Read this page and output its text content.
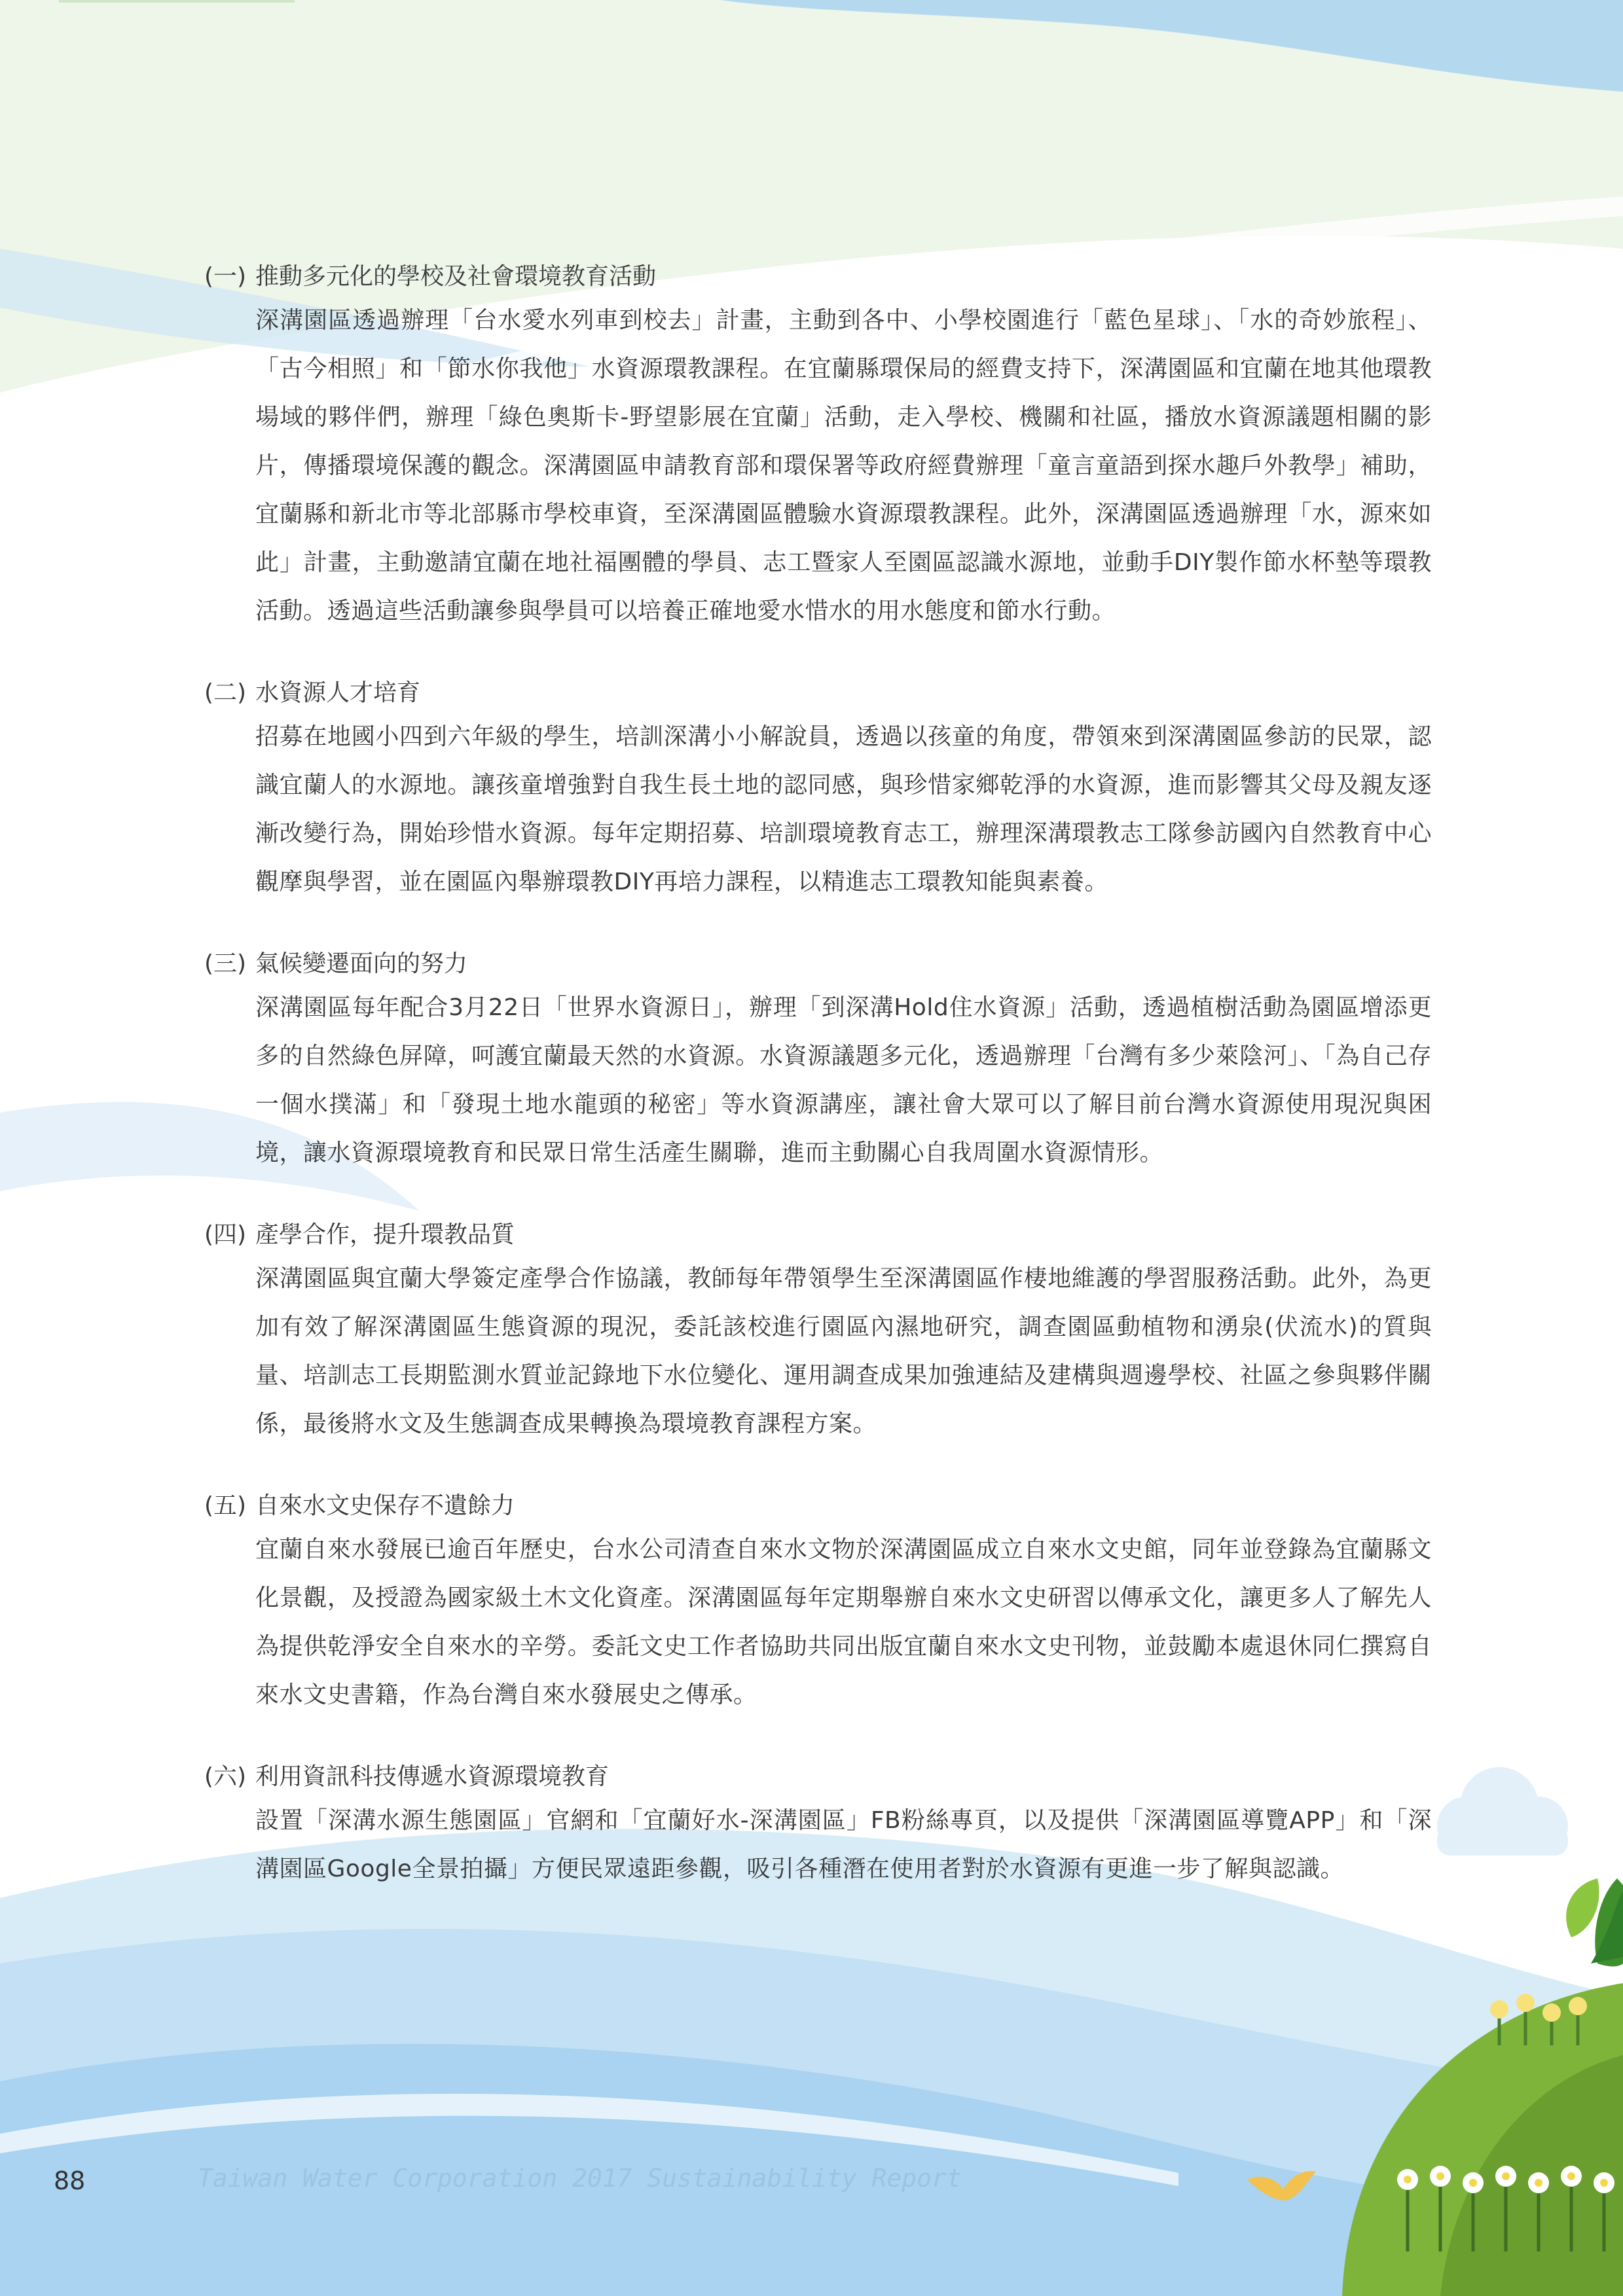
(一) 推動多元化的學校及社會環境教育活動
深溝園區透過辦理「台水愛水列車到校去」計畫，主動到各中、小學校園進行「藍色星球」、「水的奇妙旅程」、「古今相照」和「節水你我他」水資源環教課程。在宜蘭縣環保局的經費支持下，深溝園區和宜蘭在地其他環教場域的夥伴們，辦理「綠色奧斯卡-野望影展在宜蘭」活動，走入學校、機關和社區，播放水資源議題相關的影片，傳播環境保護的觀念。深溝園區申請教育部和環保署等政府經費辦理「童言童語到探水趣戶外教學」補助，宜蘭縣和新北市等北部縣市學校車資，至深溝園區體驗水資源環教課程。此外，深溝園區透過辦理「水，源來如此」計畫，主動邀請宜蘭在地社福團體的學員、志工暨家人至園區認識水源地，並動手DIY製作節水杯墊等環教活動。透過這些活動讓參與學員可以培養正確地愛水惜水的用水態度和節水行動。
(二) 水資源人才培育
招募在地國小四到六年級的學生，培訓深溝小小解說員，透過以孩童的角度，帶領來到深溝園區參訪的民眾，認識宜蘭人的水源地。讓孩童增強對自我生長土地的認同感，與珍惜家鄉乾淨的水資源，進而影響其父母及親友逐漸改變行為，開始珍惜水資源。每年定期招募、培訓環境教育志工，辦理深溝環教志工隊參訪國內自然教育中心觀摩與學習，並在園區內舉辦環教DIY再培力課程，以精進志工環教知能與素養。
(三) 氣候變遷面向的努力
深溝園區每年配合3月22日「世界水資源日」，辦理「到深溝Hold住水資源」活動，透過植樹活動為園區增添更多的自然綠色屏障，呵護宜蘭最天然的水資源。水資源議題多元化，透過辦理「台灣有多少萊陰河」、「為自己存一個水撲滿」和「發現土地水龍頭的秘密」等水資源講座，讓社會大眾可以了解目前台灣水資源使用現況與困境，讓水資源環境教育和民眾日常生活產生關聯，進而主動關心自我周圍水資源情形。
(四) 產學合作，提升環教品質
深溝園區與宜蘭大學簽定產學合作協議，教師每年帶領學生至深溝園區作棲地維護的學習服務活動。此外，為更加有效了解深溝園區生態資源的現況，委託該校進行園區內濕地研究，調查園區動植物和湧泉(伏流水)的質與量、培訓志工長期監測水質並記錄地下水位變化、運用調查成果加強連結及建構與週邊學校、社區之參與夥伴關係，最後將水文及生態調查成果轉換為環境教育課程方案。
(五) 自來水文史保存不遺餘力
宜蘭自來水發展已逾百年歷史，台水公司清查自來水文物於深溝園區成立自來水文史館，同年並登錄為宜蘭縣文化景觀，及授證為國家級土木文化資產。深溝園區每年定期舉辦自來水文史研習以傳承文化，讓更多人了解先人為提供乾淨安全自來水的辛勞。委託文史工作者協助共同出版宜蘭自來水文史刊物，並鼓勵本處退休同仁撰寫自來水文史書籍，作為台灣自來水發展史之傳承。
(六) 利用資訊科技傳遞水資源環境教育
設置「深溝水源生態園區」官網和「宜蘭好水-深溝園區」FB粉絲專頁，以及提供「深溝園區導覽APP」和「深溝園區Google全景拍攝」方便民眾遠距參觀，吸引各種潛在使用者對於水資源有更進一步了解與認識。
88	Taiwan Water Corporation 2017 Sustainability Report
